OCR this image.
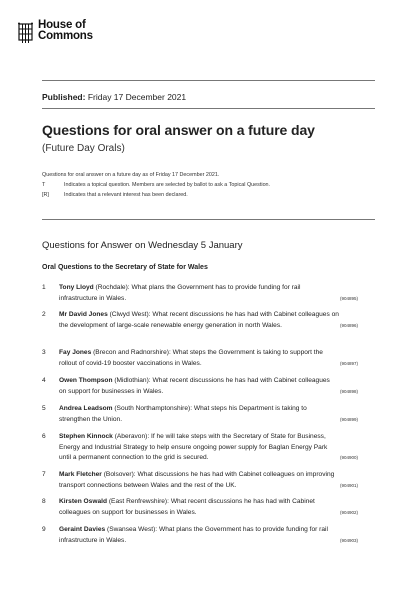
House of
Commons
Published: Friday 17 December 2021
Questions for oral answer on a future day
(Future Day Orals)
Questions for oral answer on a future day as of Friday 17 December 2021.
T	Indicates a topical question. Members are selected by ballot to ask a Topical Question.
[R]	Indicates that a relevant interest has been declared.
Questions for Answer on Wednesday 5 January
Oral Questions to the Secretary of State for Wales
1	Tony Lloyd (Rochdale): What plans the Government has to provide funding for rail infrastructure in Wales.	(904895)
2	Mr David Jones (Clwyd West): What recent discussions he has had with Cabinet colleagues on the development of large-scale renewable energy generation in north Wales.	(904896)
3	Fay Jones (Brecon and Radnorshire): What steps the Government is taking to support the rollout of covid-19 booster vaccinations in Wales.	(904897)
4	Owen Thompson (Midlothian): What recent discussions he has had with Cabinet colleagues on support for businesses in Wales.	(904898)
5	Andrea Leadsom (South Northamptonshire): What steps his Department is taking to strengthen the Union.	(904899)
6	Stephen Kinnock (Aberavon): If he will take steps with the Secretary of State for Business, Energy and Industrial Strategy to help ensure ongoing power supply for Baglan Energy Park until a permanent connection to the grid is secured.	(904900)
7	Mark Fletcher (Bolsover): What discussions he has had with Cabinet colleagues on improving transport connections between Wales and the rest of the UK.	(904901)
8	Kirsten Oswald (East Renfrewshire): What recent discussions he has had with Cabinet colleagues on support for businesses in Wales.	(904902)
9	Geraint Davies (Swansea West): What plans the Government has to provide funding for rail infrastructure in Wales.	(904903)
